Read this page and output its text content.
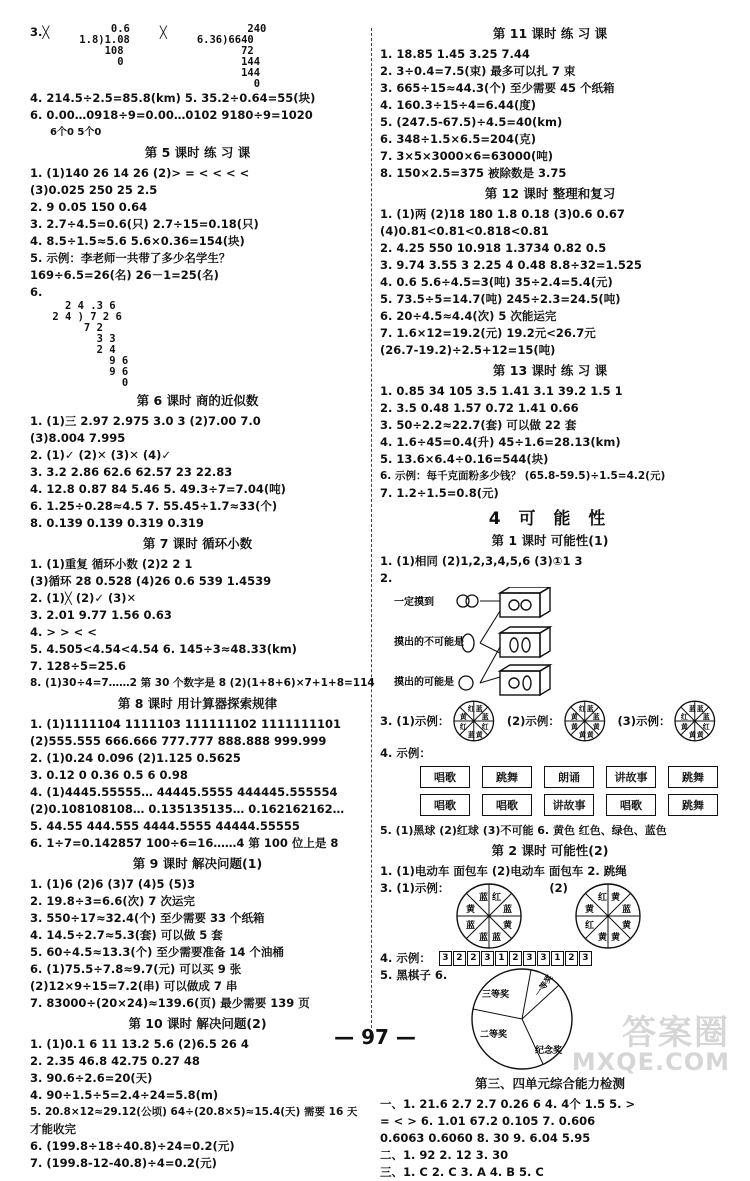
3.╳	0.6
1.8)1.08
108
0
╳	240
6.36)6640
72
144
144
0
4. 214.5÷2.5=85.8(km) 5. 35.2÷0.64=55(块)
6. 0.00…0918÷9=0.00…0102 9180÷9=1020
6个0 5个0
第 5 课时 练 习 课
1. (1)140 26 14 26 (2)> = < < < <
(3)0.025 250 25 2.5
2. 9 0.05 150 0.64
3. 2.7÷4.5=0.6(只) 2.7÷15=0.18(只)
4. 8.5÷1.5≈5.6 5.6×0.36=154(块)
5. 示例：李老师一共带了多少名学生？
169÷6.5=26(名) 26－1=25(名)
6.
2 4 .3 6
2 4 ) 7 2 6
7 2
3 3
2 4
9 6
9 6
0
第 6 课时 商的近似数
1. (1)三 2.97 2.975 3.0 3 (2)7.00 7.0
(3)8.004 7.995
2. (1)✓ (2)✕ (3)✕ (4)✓
3. 3.2 2.86 62.6 62.57 23 22.83
4. 12.8 0.87 84 5.46 5. 49.3÷7=7.04(吨)
6. 1.25÷0.28≈4.5 7. 55.45÷1.7≈33(个)
8. 0.139 0.139 0.319 0.319
第 7 课时 循环小数
1. (1)重复 循环小数 (2)2 2 1
(3)循环 28 0.528 (4)26 0.6 539 1.4539
2. (1)╳ (2)✓ (3)✕
3. 2.01 9.77 1.56 0.63
4. > > < <
5. 4.505<4.54<4.54 6. 145÷3≈48.33(km)
7. 128÷5=25.6
8. (1)30÷4=7……2 第 30 个数字是 8 (2)(1+8+6)×7+1+8=114
第 8 课时 用计算器探索规律
1. (1)1111104 1111103 111111102 1111111101
(2)555.555 666.666 777.777 888.888 999.999
2. (1)0.24 0.096 (2)1.125 0.5625
3. 0.12 0 0.36 0.5 6 0.98
4. (1)4445.55555… 44445.5555 444445.555554
(2)0.108108108… 0.135135135… 0.162162162…
5. 44.55 444.555 4444.5555 44444.55555
6. 1÷7=0.142857 100÷6=16……4 第 100 位上是 8
第 9 课时 解决问题(1)
1. (1)6 (2)6 (3)7 (4)5 (5)3
2. 19.8÷3=6.6(次) 7 次运完
3. 550÷17≈32.4(个) 至少需要 33 个纸箱
4. 14.5÷2.7≈5.3(套) 可以做 5 套
5. 60÷4.5≈13.3(个) 至少需要准备 14 个油桶
6. (1)75.5÷7.8≈9.7(元) 可以买 9 张
(2)12×9÷15=7.2(串) 可以做成 7 串
7. 83000÷(20×24)≈139.6(页) 最少需要 139 页
第 10 课时 解决问题(2)
1. (1)0.1 6 11 13.2 5.6 (2)6.5 26 4
2. 2.35 46.8 42.75 0.27 48
3. 90.6÷2.6=20(天)
4. 90÷1.5÷5=2.4÷24=5.8(m)
5. 20.8×12≈29.12(公顷) 64÷(20.8×5)≈15.4(天) 需要 16 天
才能收完
6. (199.8÷18÷40.8)÷24=0.2(元)
7. (199.8-12-40.8)÷4=0.2(元)
第 11 课时 练 习 课
1. 18.85 1.45 3.25 7.44
2. 3÷0.4=7.5(束) 最多可以扎 7 束
3. 665÷15≈44.3(个) 至少需要 45 个纸箱
4. 160.3÷15÷4=6.44(度)
5. (247.5-67.5)÷4.5=40(km)
6. 348÷1.5×6.5=204(克)
7. 3×5×3000×6=63000(吨)
8. 150×2.5=375 被除数是 3.75
第 12 课时 整理和复习
1. (1)两 (2)18 180 1.8 0.18 (3)0.6 0.67
(4)0.81<0.81<0.818<0.81
2. 4.25 550 10.918 1.3734 0.82 0.5
3. 9.74 3.55 3 2.25 4 0.48 8.8÷32=1.525
4. 0.6 5.6÷4.5=3(吨) 35÷2.4=5.4(元)
5. 73.5÷5=14.7(吨) 245÷2.3=24.5(吨)
6. 20÷4.5≈4.4(次) 5 次能运完
7. 1.6×12=19.2(元) 19.2元<26.7元
(26.7-19.2)÷2.5+12=15(吨)
第 13 课时 练 习 课
1. 0.85 34 105 3.5 1.41 3.1 39.2 1.5 1
2. 3.5 0.48 1.57 0.72 1.41 0.66
3. 50÷2.2≈22.7(套) 可以做 22 套
4. 1.6÷45=0.4(升) 45÷1.6=28.13(km)
5. 13.6×6.4÷0.16=544(块)
6. 示例：每千克面粉多少钱？ (65.8-59.5)÷1.5=4.2(元)
7. 1.2÷1.5=0.8(元)
4 可 能 性
第 1 课时 可能性(1)
1. (1)相同 (2)1,2,3,4,5,6 (3)①1 3
2.
一定摸到
摸出的不可能是
摸出的可能是
3. (1)示例：
红 蓝
黄 蓝
红 红
蓝 黄
(2)示例：
红 蓝
黄 蓝
黄 黄
黄 黄
(3)示例：
蓝 蓝
红 蓝
黄 红
黄 黄
4. 示例：
唱歌	跳舞	朗诵	讲故事	跳舞
唱歌	唱歌	讲故事	唱歌	跳舞
5. (1)黑球 (2)红球 (3)不可能 6. 黄色 红色、绿色、蓝色
第 2 课时 可能性(2)
1. (1)电动车 面包车 (2)电动车 面包车 2. 跳绳
3. (1)示例：
蓝 红
黄	蓝
蓝	黄
蓝 蓝
(2)
红 黄
黄	蓝
红	黄
黄 黄
4. 示例：	3 2 2 3 1 2 3 3 1 2 3
5. 黑棋子 6.	一等奖
三等奖
二等奖
纪念奖
第三、四单元综合能力检测
一、1. 21.6 2.7 2.7 0.26 6 4. 4个 1.5 5. >
= < > 6. 1.01 67.2 0.105 7. 0.606
0.6063 0.6060 8. 30 9. 6.04 5.95
二、1. 92 2. 12 3. 30
三、1. C 2. C 3. A 4. B 5. C
— 97 —	答案圈
MXQE.COM
